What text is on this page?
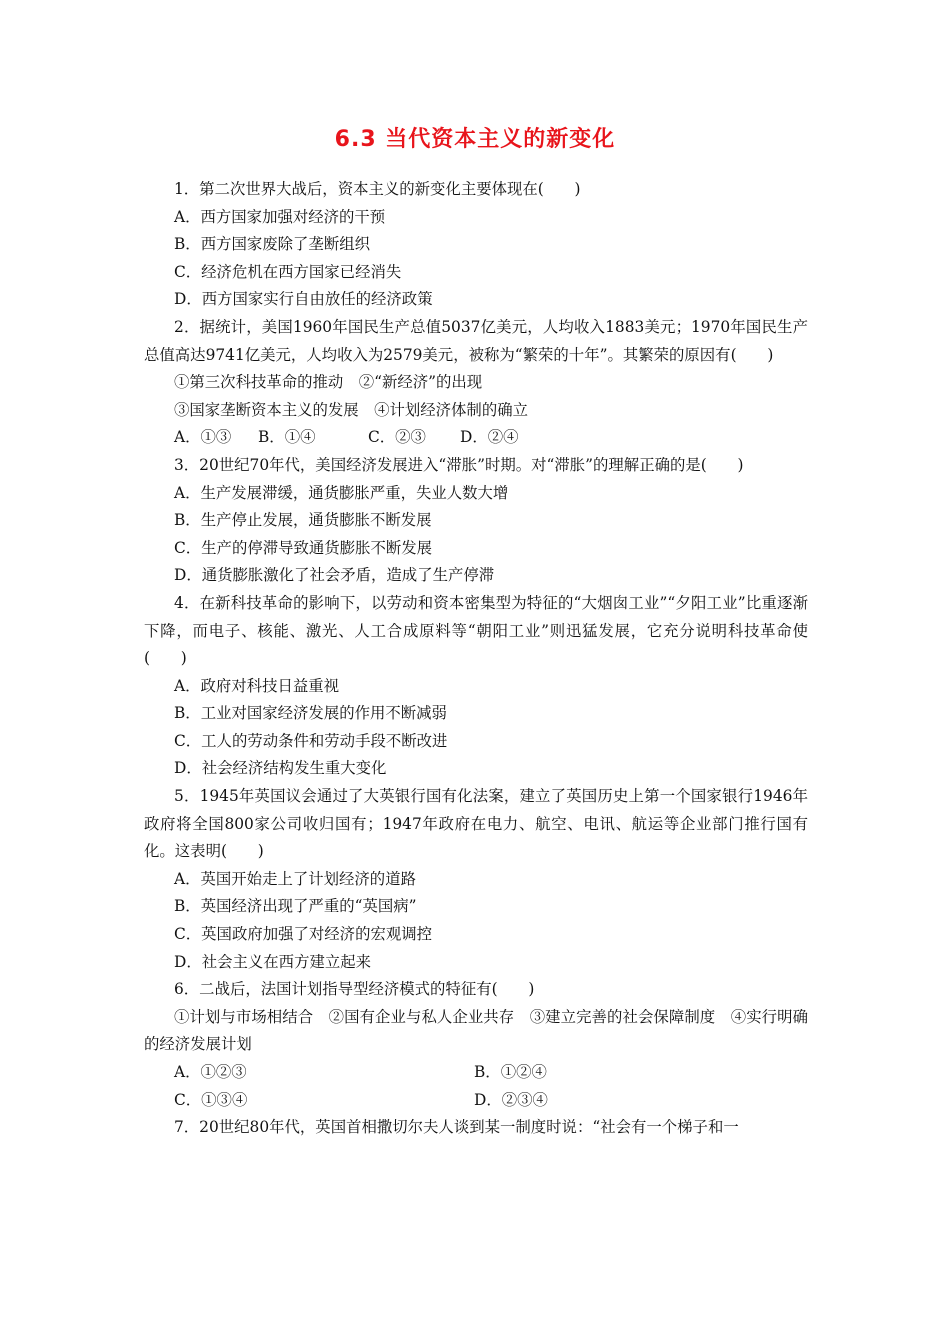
6.3 当代资本主义的新变化

1．第二次世界大战后，资本主义的新变化主要体现在(　　)

A．西方国家加强对经济的干预

B．西方国家废除了垄断组织

C．经济危机在西方国家已经消失

D．西方国家实行自由放任的经济政策

2．据统计，美国1960年国民生产总值5037亿美元，人均收入1883美元；1970年国民生产总值高达9741亿美元，人均收入为2579美元，被称为“繁荣的十年”。其繁荣的原因有(　　)

①第三次科技革命的推动　②“新经济”的出现

③国家垄断资本主义的发展　④计划经济体制的确立

A．①③ B．①④	C．②③ D．②④

3．20世纪70年代，美国经济发展进入“滞胀”时期。对“滞胀”的理解正确的是(　　)

A．生产发展滞缓，通货膨胀严重，失业人数大增

B．生产停止发展，通货膨胀不断发展

C．生产的停滞导致通货膨胀不断发展

D．通货膨胀激化了社会矛盾，造成了生产停滞

4．在新科技革命的影响下，以劳动和资本密集型为特征的“大烟囱工业”“夕阳工业”比重逐渐下降，而电子、核能、激光、人工合成原料等“朝阳工业”则迅猛发展，它充分说明科技革命使(　　)

A．政府对科技日益重视

B．工业对国家经济发展的作用不断减弱

C．工人的劳动条件和劳动手段不断改进

D．社会经济结构发生重大变化

5．1945年英国议会通过了大英银行国有化法案，建立了英国历史上第一个国家银行1946年政府将全国800家公司收归国有；1947年政府在电力、航空、电讯、航运等企业部门推行国有化。这表明(　　)

A．英国开始走上了计划经济的道路

B．英国经济出现了严重的“英国病”

C．英国政府加强了对经济的宏观调控

D．社会主义在西方建立起来

6．二战后，法国计划指导型经济模式的特征有(　　)

①计划与市场相结合　②国有企业与私人企业共存　③建立完善的社会保障制度　④实行明确的经济发展计划

A．①②③	B．①②④

C．①③④	D．②③④

7．20世纪80年代，英国首相撒切尔夫人谈到某一制度时说：“社会有一个梯子和一
